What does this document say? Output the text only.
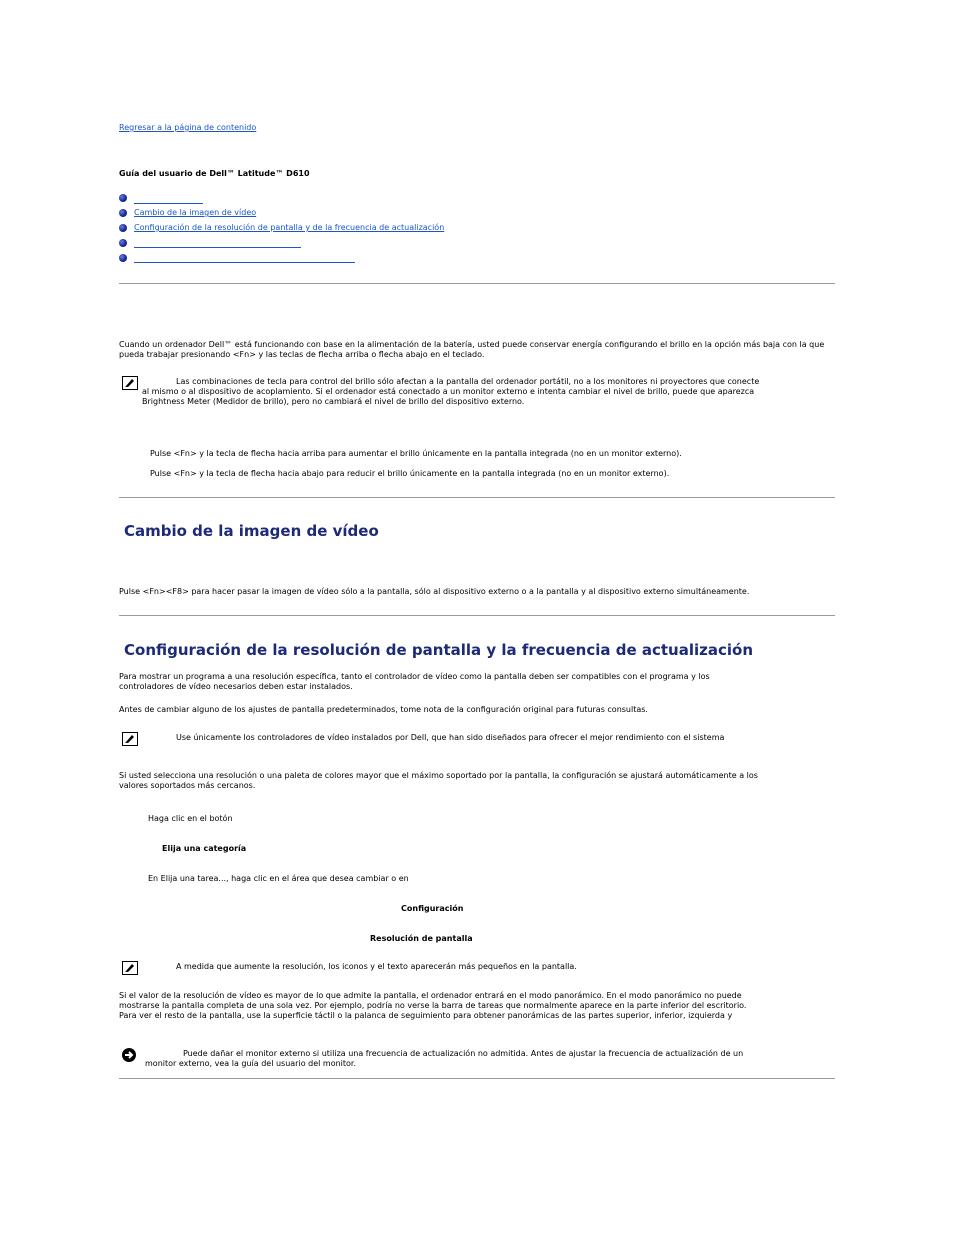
Regresar a la página de contenido
Guía del usuario de Dell™ Latitude™ D610
Cambio de la imagen de vídeo
Configuración de la resolución de pantalla y de la frecuencia de actualización
Cuando un ordenador Dell™ está funcionando con base en la alimentación de la batería, usted puede conservar energía configurando el brillo en la opción más baja con la que pueda trabajar presionando <Fn> y las teclas de flecha arriba o flecha abajo en el teclado.
Las combinaciones de tecla para control del brillo sólo afectan a la pantalla del ordenador portátil, no a los monitores ni proyectores que conecte
al mismo o al dispositivo de acoplamiento. Si el ordenador está conectado a un monitor externo e intenta cambiar el nivel de brillo, puede que aparezca
Brightness Meter (Medidor de brillo), pero no cambiará el nivel de brillo del dispositivo externo.
Pulse <Fn> y la tecla de flecha hacia arriba para aumentar el brillo únicamente en la pantalla integrada (no en un monitor externo).
Pulse <Fn> y la tecla de flecha hacia abajo para reducir el brillo únicamente en la pantalla integrada (no en un monitor externo).
Cambio de la imagen de vídeo
Pulse <Fn><F8> para hacer pasar la imagen de vídeo sólo a la pantalla, sólo al dispositivo externo o a la pantalla y al dispositivo externo simultáneamente.
Configuración de la resolución de pantalla y la frecuencia de actualización
Para mostrar un programa a una resolución específica, tanto el controlador de vídeo como la pantalla deben ser compatibles con el programa y los
controladores de vídeo necesarios deben estar instalados.
Antes de cambiar alguno de los ajustes de pantalla predeterminados, tome nota de la configuración original para futuras consultas.
Use únicamente los controladores de vídeo instalados por Dell, que han sido diseñados para ofrecer el mejor rendimiento con el sistema
Si usted selecciona una resolución o una paleta de colores mayor que el máximo soportado por la pantalla, la configuración se ajustará automáticamente a los
valores soportados más cercanos.
Haga clic en el botón
Elija una categoría
En Elija una tarea..., haga clic en el área que desea cambiar o en
Configuración
Resolución de pantalla
A medida que aumente la resolución, los iconos y el texto aparecerán más pequeños en la pantalla.
Si el valor de la resolución de vídeo es mayor de lo que admite la pantalla, el ordenador entrará en el modo panorámico. En el modo panorámico no puede
mostrarse la pantalla completa de una sola vez. Por ejemplo, podría no verse la barra de tareas que normalmente aparece en la parte inferior del escritorio.
Para ver el resto de la pantalla, use la superficie táctil o la palanca de seguimiento para obtener panorámicas de las partes superior, inferior, izquierda y
Puede dañar el monitor externo si utiliza una frecuencia de actualización no admitida. Antes de ajustar la frecuencia de actualización de un
monitor externo, vea la guía del usuario del monitor.
